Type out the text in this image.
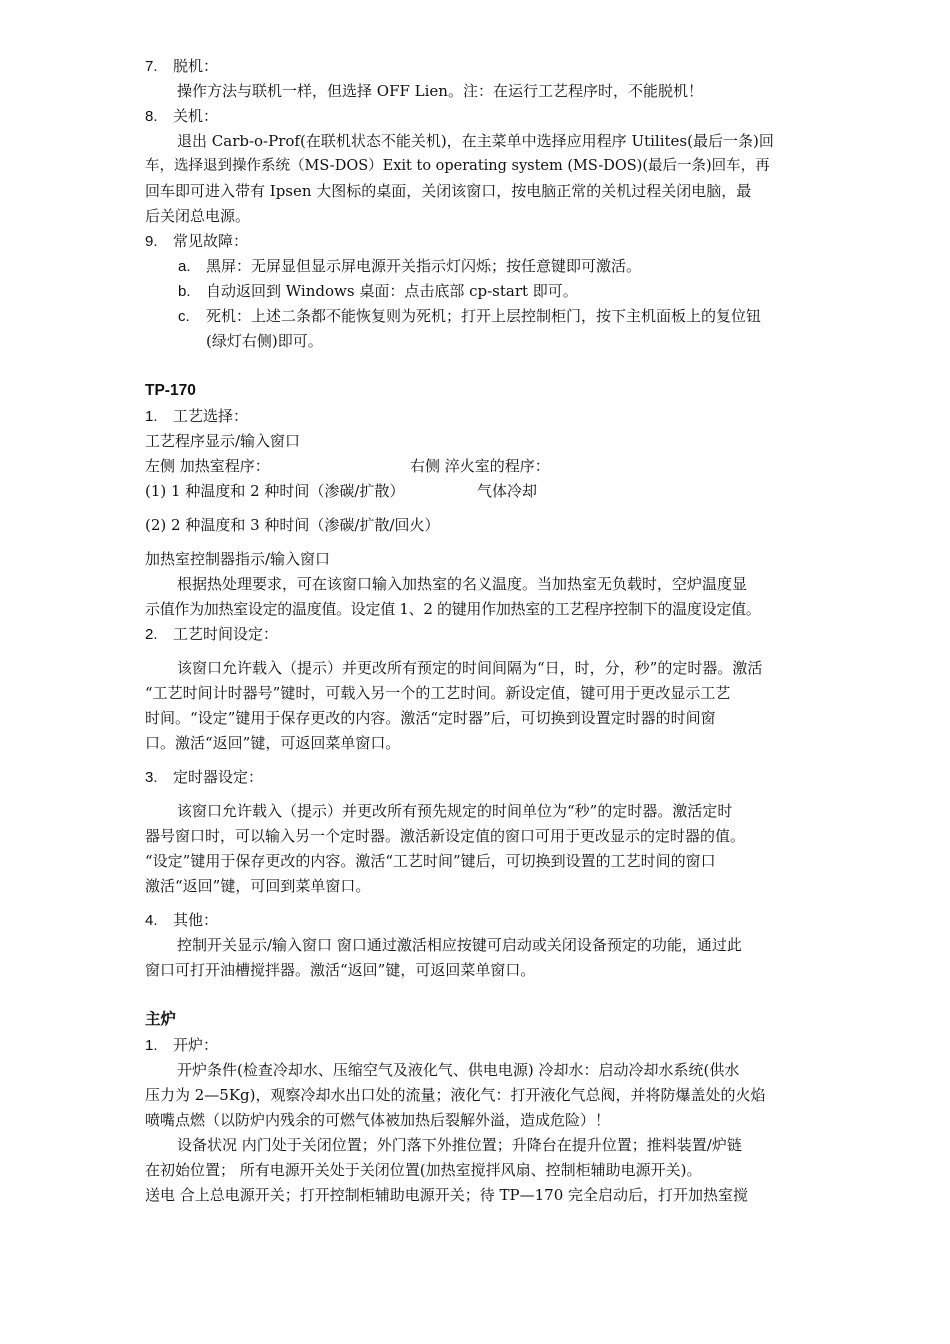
7. 脱机：
操作方法与联机一样，但选择 OFF Lien。注：在运行工艺程序时，不能脱机！
8. 关机：
退出 Carb-o-Prof(在联机状态不能关机)，在主菜单中选择应用程序 Utilites(最后一条)回
车，选择退到操作系统（MS-DOS）Exit to operating system (MS-DOS)(最后一条)回车，再
回车即可进入带有 Ipsen 大图标的桌面，关闭该窗口，按电脑正常的关机过程关闭电脑，最
后关闭总电源。
9. 常见故障：
a. 黑屏：无屏显但显示屏电源开关指示灯闪烁；按任意键即可激活。
b. 自动返回到 Windows 桌面：点击底部 cp-start 即可。
c. 死机：上述二条都不能恢复则为死机；打开上层控制柜门，按下主机面板上的复位钮
(绿灯右侧)即可。
TP-170
1. 工艺选择：
工艺程序显示/输入窗口
左侧 加热室程序：	右侧 淬火室的程序：
(1) 1 种温度和 2 种时间（渗碳/扩散）	气体冷却
(2) 2 种温度和 3 种时间（渗碳/扩散/回火）
加热室控制器指示/输入窗口
根据热处理要求，可在该窗口输入加热室的名义温度。当加热室无负载时，空炉温度显
示值作为加热室设定的温度值。设定值 1、2 的键用作加热室的工艺程序控制下的温度设定值。
2. 工艺时间设定：
该窗口允许载入（提示）并更改所有预定的时间间隔为“日，时，分，秒”的定时器。激活
“工艺时间计时器号”键时，可载入另一个的工艺时间。新设定值，键可用于更改显示工艺
时间。“设定”键用于保存更改的内容。激活“定时器”后，可切换到设置定时器的时间窗
口。激活“返回”键，可返回菜单窗口。
3. 定时器设定：
该窗口允许载入（提示）并更改所有预先规定的时间单位为“秒”的定时器。激活定时
器号窗口时，可以输入另一个定时器。激活新设定值的窗口可用于更改显示的定时器的值。
“设定”键用于保存更改的内容。激活“工艺时间”键后，可切换到设置的工艺时间的窗口
激活“返回”键，可回到菜单窗口。
4. 其他：
控制开关显示/输入窗口 窗口通过激活相应按键可启动或关闭设备预定的功能，通过此
窗口可打开油槽搅拌器。激活“返回”键，可返回菜单窗口。
主炉
1. 开炉：
开炉条件(检查冷却水、压缩空气及液化气、供电电源) 冷却水：启动冷却水系统(供水
压力为 2—5Kg)，观察冷却水出口处的流量；液化气：打开液化气总阀，并将防爆盖处的火焰
喷嘴点燃（以防炉内残余的可燃气体被加热后裂解外溢，造成危险）！
设备状况 内门处于关闭位置；外门落下外推位置；升降台在提升位置；推料装置/炉链
在初始位置； 所有电源开关处于关闭位置(加热室搅拌风扇、控制柜辅助电源开关)。
送电 合上总电源开关；打开控制柜辅助电源开关；待 TP—170 完全启动后，打开加热室搅
